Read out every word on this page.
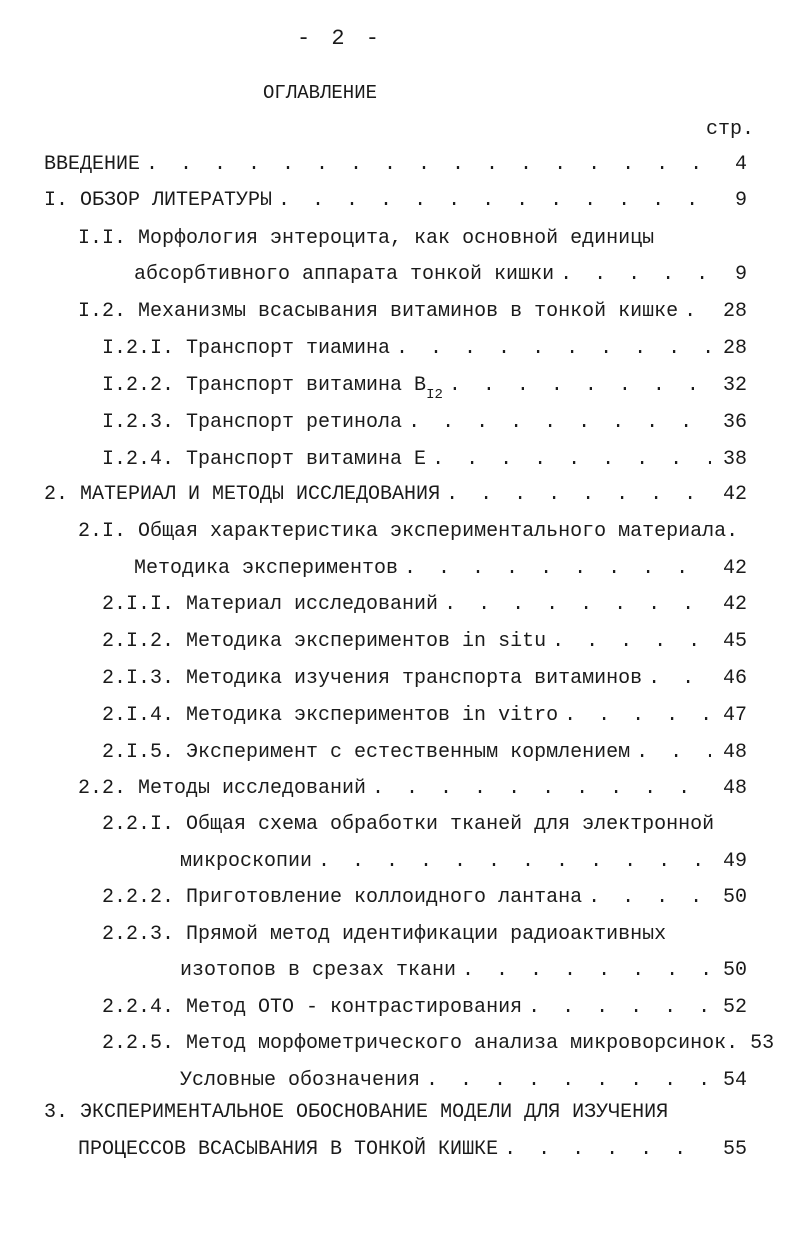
- 2 -
ОГЛАВЛЕНИЕ
стр.
ВВЕДЕНИЕ . . .	4
I. ОБЗОР ЛИТЕРАТУРЫ . . .	9
I.I. Морфология энтероцита, как основной единицы
абсорбтивного аппарата тонкой кишки . . .	9
I.2. Механизмы всасывания витаминов в тонкой кишке . . . 28
I.2.I. Транспорт тиамина . . .	28
I.2.2. Транспорт витамина $B_{I2}$ . . .	32
I.2.3. Транспорт ретинола . . .	36
I.2.4. Транспорт витамина Е . . .	38
2. МАТЕРИАЛ И МЕТОДЫ ИССЛЕДОВАНИЯ . . .	42
2.I. Общая характеристика экспериментального материала.
Методика экспериментов . . .	42
2.I.I. Материал исследований . . .	42
2.I.2. Методика экспериментов in situ . . .	45
2.I.3. Методика изучения транспорта витаминов . . .	46
2.I.4. Методика экспериментов in vitro . . .	47
2.I.5. Эксперимент с естественным кормлением . . .	48
2.2. Методы исследований . . .	48
2.2.I. Общая схема обработки тканей для электронной
микроскопии . . .	49
2.2.2. Приготовление коллоидного лантана . . .	50
2.2.3. Прямой метод идентификации радиоактивных
изотопов в срезах ткани . . .	50
2.2.4. Метод ОТО - контрастирования . . .	52
2.2.5. Метод морфометрического анализа микроворсинок. 53
Условные обозначения . . .	54
3. ЭКСПЕРИМЕНТАЛЬНОЕ ОБОСНОВАНИЕ МОДЕЛИ ДЛЯ ИЗУЧЕНИЯ
ПРОЦЕССОВ ВСАСЫВАНИЯ В ТОНКОЙ КИШКЕ . . .	55
